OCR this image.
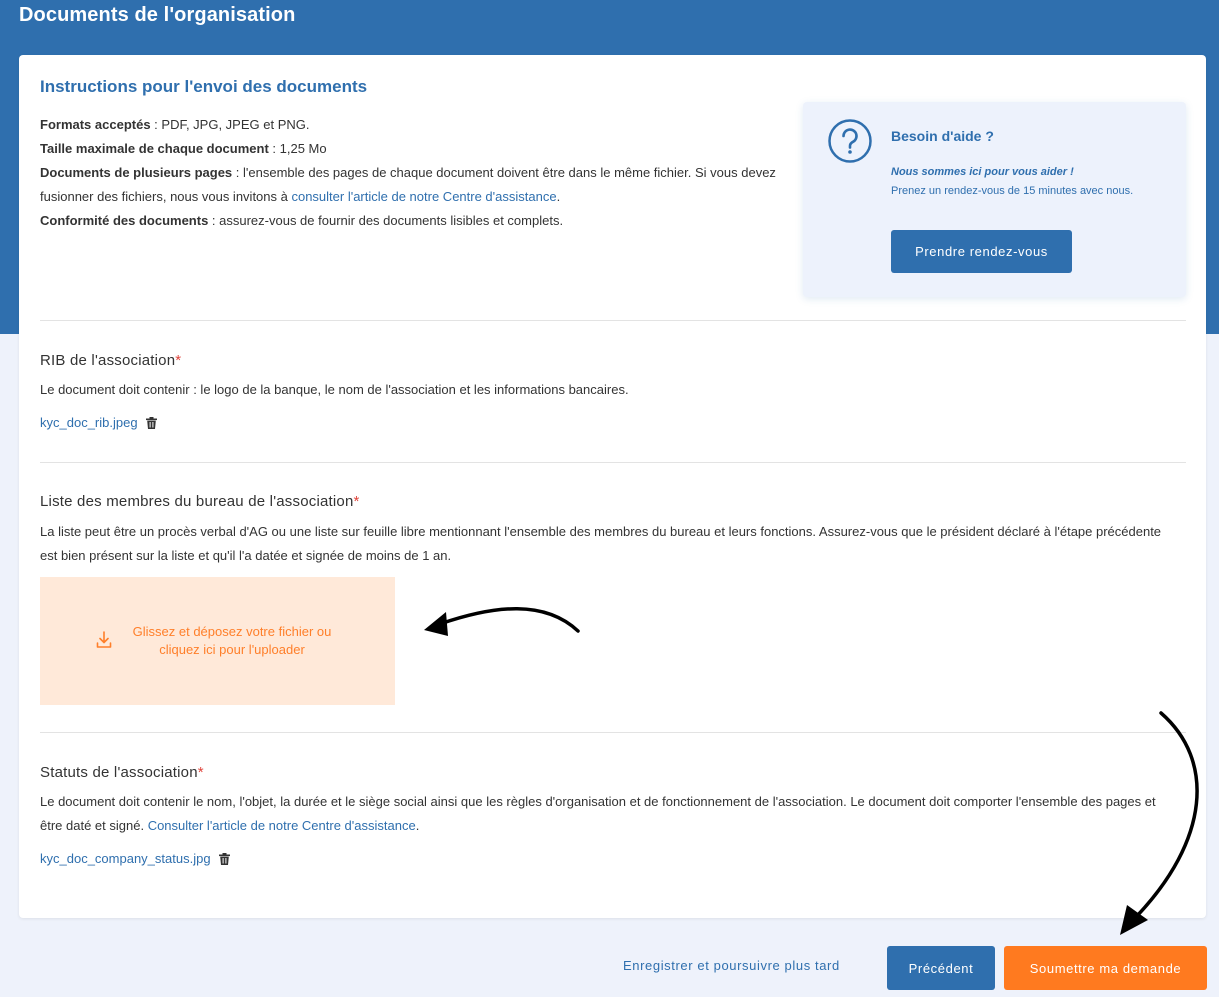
Documents de l'organisation
Instructions pour l'envoi des documents
Formats acceptés : PDF, JPG, JPEG et PNG.
Taille maximale de chaque document : 1,25 Mo
Documents de plusieurs pages : l'ensemble des pages de chaque document doivent être dans le même fichier. Si vous devez fusionner des fichiers, nous vous invitons à consulter l'article de notre Centre d'assistance.
Conformité des documents : assurez-vous de fournir des documents lisibles et complets.
Besoin d'aide ?
Nous sommes ici pour vous aider !
Prenez un rendez-vous de 15 minutes avec nous.
Prendre rendez-vous
RIB de l'association*
Le document doit contenir : le logo de la banque, le nom de l'association et les informations bancaires.
kyc_doc_rib.jpeg
Liste des membres du bureau de l'association*
La liste peut être un procès verbal d'AG ou une liste sur feuille libre mentionnant l'ensemble des membres du bureau et leurs fonctions. Assurez-vous que le président déclaré à l'étape précédente est bien présent sur la liste et qu'il l'a datée et signée de moins de 1 an.
Glissez et déposez votre fichier ou
cliquez ici pour l'uploader
Statuts de l'association*
Le document doit contenir le nom, l'objet, la durée et le siège social ainsi que les règles d'organisation et de fonctionnement de l'association. Le document doit comporter l'ensemble des pages et être daté et signé. Consulter l'article de notre Centre d'assistance.
kyc_doc_company_status.jpg
Enregistrer et poursuivre plus tard	Précédent	Soumettre ma demande
